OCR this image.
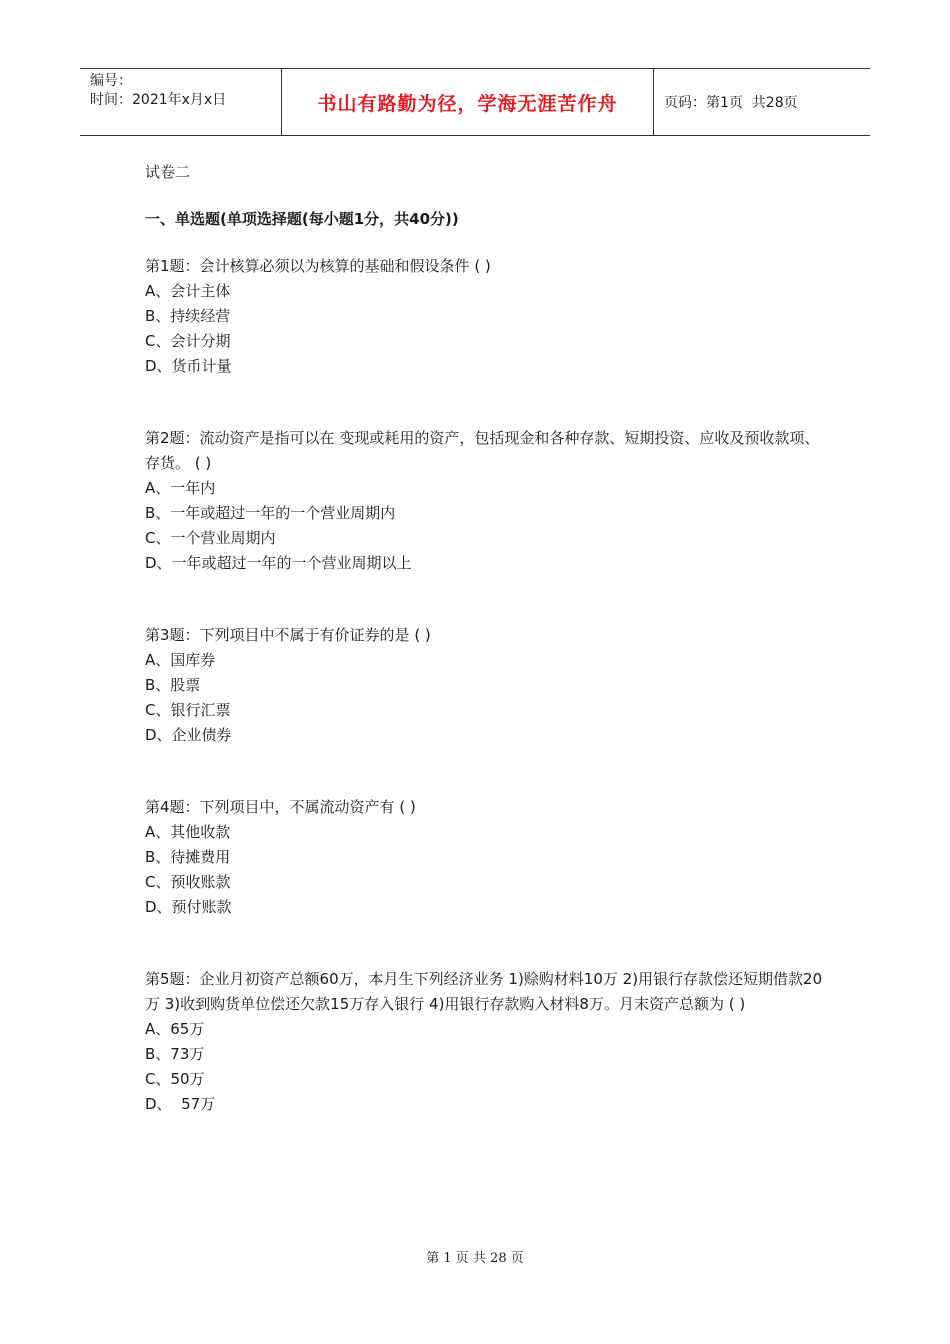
编号：
时间：2021年x月x日	书山有路勤为径，学海无涯苦作舟	页码：第1页  共28页

试卷二

一、单选题(单项选择题(每小题1分，共40分))

第1题：会计核算必须以为核算的基础和假设条件 ( )

A、会计主体

B、持续经营

C、会计分期

D、货币计量

第2题：流动资产是指可以在 变现或耗用的资产，包括现金和各种存款、短期投资、应收及预收款项、存货。 ( )

A、一年内

B、一年或超过一年的一个营业周期内

C、一个营业周期内

D、一年或超过一年的一个营业周期以上

第3题：下列项目中不属于有价证券的是 ( )

A、国库券

B、股票

C、银行汇票

D、企业债券

第4题：下列项目中，不属流动资产有 ( )

A、其他收款

B、待摊费用

C、预收账款

D、预付账款

第5题：企业月初资产总额60万，本月生下列经济业务 1)赊购材料10万 2)用银行存款偿还短期借款20万 3)收到购货单位偿还欠款15万存入银行 4)用银行存款购入材料8万。月末资产总额为 ( )

A、65万

B、73万

C、50万

D、  57万

第 1 页 共 28 页
